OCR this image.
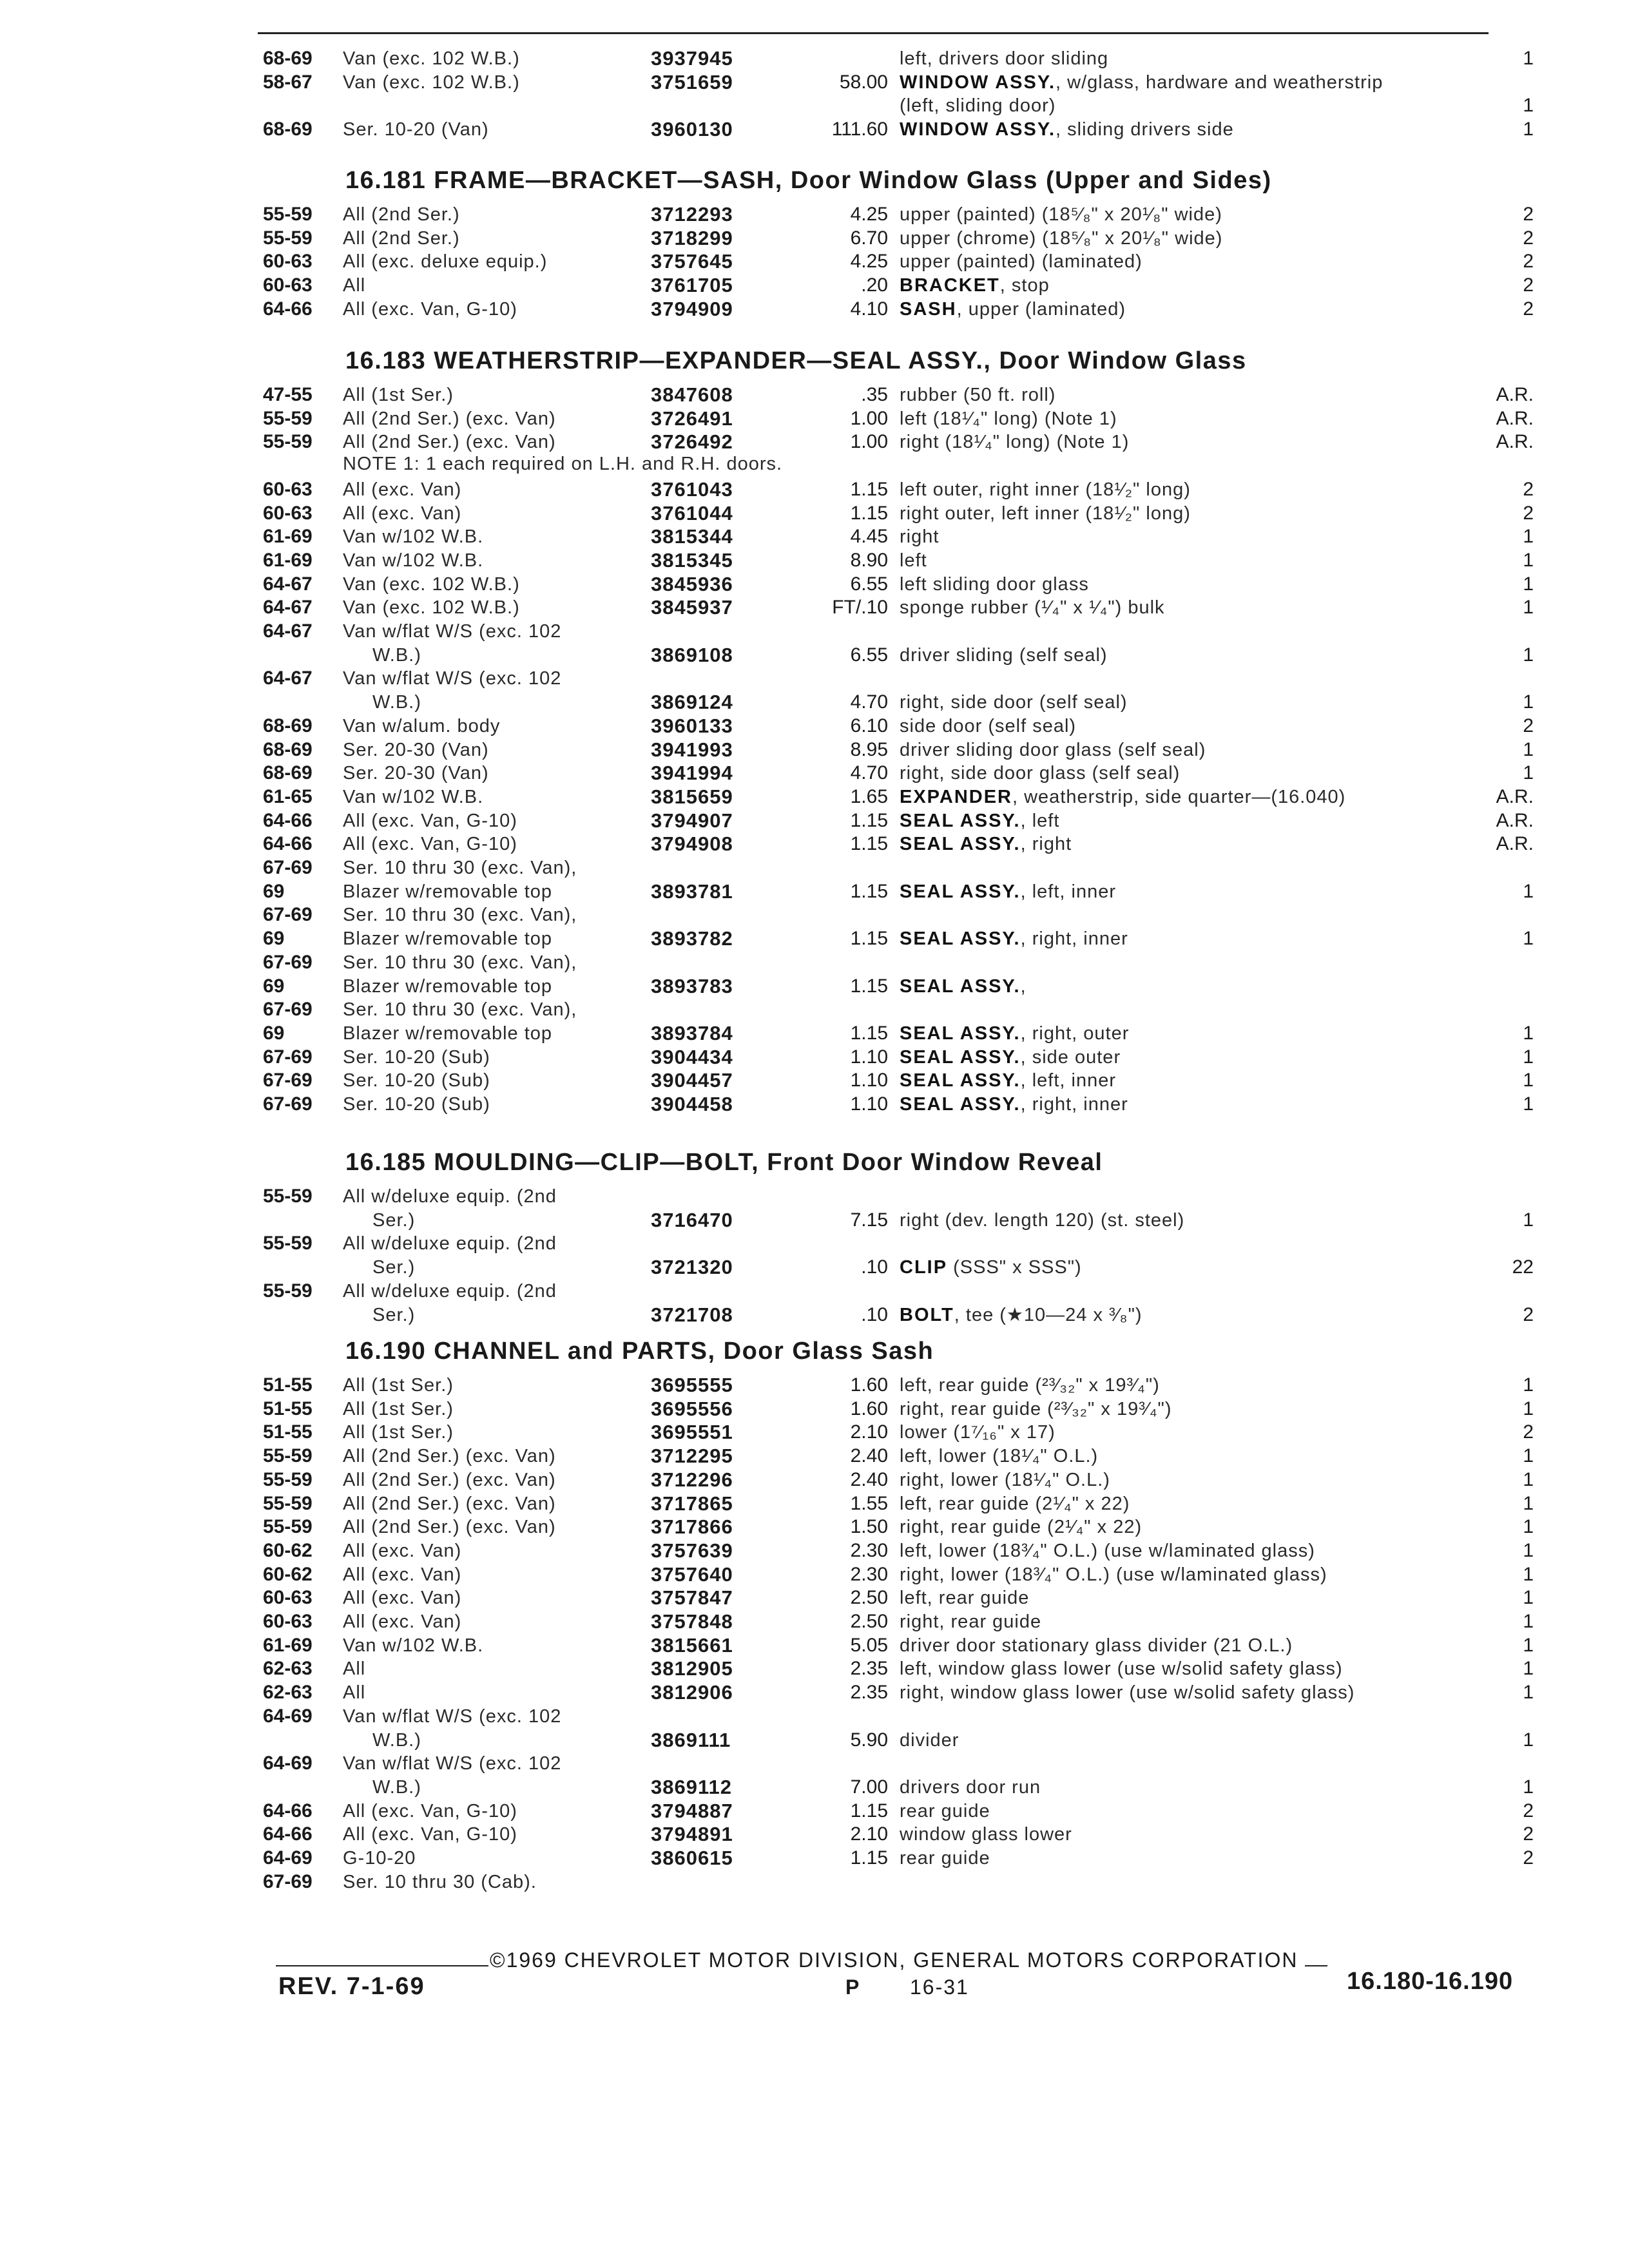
68-69 Van (exc. 102 W.B.)	3937945	left, drivers door sliding	1
58-67 Van (exc. 102 W.B.)	3751659	58.00 WINDOW ASSY., w/glass, hardware and weatherstrip
(left, sliding door)	1
68-69 Ser. 10-20 (Van)	3960130	111.60 WINDOW ASSY., sliding drivers side	1
16.181 FRAME—BRACKET—SASH, Door Window Glass (Upper and Sides)
55-59 All (2nd Ser.)	3712293	4.25 upper (painted) (18⁵⁄₈" x 20¹⁄₈" wide)	2
55-59 All (2nd Ser.)	3718299	6.70 upper (chrome) (18⁵⁄₈" x 20¹⁄₈" wide)	2
60-63 All (exc. deluxe equip.)	3757645	4.25 upper (painted) (laminated)	2
60-63 All	3761705	.20 BRACKET, stop	2
64-66 All (exc. Van, G-10)	3794909	4.10 SASH, upper (laminated)	2
16.183 WEATHERSTRIP—EXPANDER—SEAL ASSY., Door Window Glass
47-55 All (1st Ser.)	3847608	.35 rubber (50 ft. roll)	A.R.
55-59 All (2nd Ser.) (exc. Van)	3726491	1.00 left (18¹⁄₄" long) (Note 1)	A.R.
55-59 All (2nd Ser.) (exc. Van)	3726492	1.00 right (18¹⁄₄" long) (Note 1)	A.R.
NOTE 1: 1 each required on L.H. and R.H. doors.
60-63 All (exc. Van)	3761043	1.15 left outer, right inner (18¹⁄₂" long)	2
60-63 All (exc. Van)	3761044	1.15 right outer, left inner (18¹⁄₂" long)	2
61-69 Van w/102 W.B.	3815344	4.45 right	1
61-69 Van w/102 W.B.	3815345	8.90 left	1
64-67 Van (exc. 102 W.B.)	3845936	6.55 left sliding door glass	1
64-67 Van (exc. 102 W.B.)	3845937	FT/.10 sponge rubber (¹⁄₄" x ¹⁄₄") bulk	1
64-67 Van w/flat W/S (exc. 102
W.B.)	3869108	6.55 driver sliding (self seal)	1
64-67 Van w/flat W/S (exc. 102
W.B.)	3869124	4.70 right, side door (self seal)	1
68-69 Van w/alum. body	3960133	6.10 side door (self seal)	2
68-69 Ser. 20-30 (Van)	3941993	8.95 driver sliding door glass (self seal)	1
68-69 Ser. 20-30 (Van)	3941994	4.70 right, side door glass (self seal)	1
61-65 Van w/102 W.B.	3815659	1.65 EXPANDER, weatherstrip, side quarter—(16.040)	A.R.
64-66 All (exc. Van, G-10)	3794907	1.15 SEAL ASSY., left	A.R.
64-66 All (exc. Van, G-10)	3794908	1.15 SEAL ASSY., right	A.R.
67-69 Ser. 10 thru 30 (exc. Van),
69	Blazer w/removable top	3893781	1.15 SEAL ASSY., left, inner	1
67-69 Ser. 10 thru 30 (exc. Van),
69	Blazer w/removable top	3893782	1.15 SEAL ASSY., right, inner	1
67-69 Ser. 10 thru 30 (exc. Van),
69	Blazer w/removable top	3893783	1.15 SEAL ASSY.,
67-69 Ser. 10 thru 30 (exc. Van),
69	Blazer w/removable top	3893784	1.15 SEAL ASSY., right, outer	1
67-69 Ser. 10-20 (Sub)	3904434	1.10 SEAL ASSY., side outer	1
67-69 Ser. 10-20 (Sub)	3904457	1.10 SEAL ASSY., left, inner	1
67-69 Ser. 10-20 (Sub)	3904458	1.10 SEAL ASSY., right, inner	1
16.185 MOULDING—CLIP—BOLT, Front Door Window Reveal
55-59 All w/deluxe equip. (2nd
Ser.)	3716470	7.15 right (dev. length 120) (st. steel)	1
55-59 All w/deluxe equip. (2nd
Ser.)	3721320	.10 CLIP (SSS" x SSS")	22
55-59 All w/deluxe equip. (2nd
Ser.)	3721708	.10 BOLT, tee (★10—24 x ³⁄₈")	2
16.190 CHANNEL and PARTS, Door Glass Sash
51-55 All (1st Ser.)	3695555	1.60 left, rear guide (²³⁄₃₂" x 19³⁄₄")	1
51-55 All (1st Ser.)	3695556	1.60 right, rear guide (²³⁄₃₂" x 19³⁄₄")	1
51-55 All (1st Ser.)	3695551	2.10 lower (1⁷⁄₁₆" x 17)	2
55-59 All (2nd Ser.) (exc. Van)	3712295	2.40 left, lower (18¹⁄₄" O.L.)	1
55-59 All (2nd Ser.) (exc. Van)	3712296	2.40 right, lower (18¹⁄₄" O.L.)	1
55-59 All (2nd Ser.) (exc. Van)	3717865	1.55 left, rear guide (2¹⁄₄" x 22)	1
55-59 All (2nd Ser.) (exc. Van)	3717866	1.50 right, rear guide (2¹⁄₄" x 22)	1
60-62 All (exc. Van)	3757639	2.30 left, lower (18³⁄₄" O.L.) (use w/laminated glass)	1
60-62 All (exc. Van)	3757640	2.30 right, lower (18³⁄₄" O.L.) (use w/laminated glass)	1
60-63 All (exc. Van)	3757847	2.50 left, rear guide	1
60-63 All (exc. Van)	3757848	2.50 right, rear guide	1
61-69 Van w/102 W.B.	3815661	5.05 driver door stationary glass divider (21 O.L.)	1
62-63 All	3812905	2.35 left, window glass lower (use w/solid safety glass)	1
62-63 All	3812906	2.35 right, window glass lower (use w/solid safety glass)	1
64-69 Van w/flat W/S (exc. 102
W.B.)	3869111	5.90 divider	1
64-69 Van w/flat W/S (exc. 102
W.B.)	3869112	7.00 drivers door run	1
64-66 All (exc. Van, G-10)	3794887	1.15 rear guide	2
64-66 All (exc. Van, G-10)	3794891	2.10 window glass lower	2
64-69 G-10-20	3860615	1.15 rear guide	2
67-69 Ser. 10 thru 30 (Cab).
©1969 CHEVROLET MOTOR DIVISION, GENERAL MOTORS CORPORATION
REV. 7-1-69	P 16-31	16.180-16.190
